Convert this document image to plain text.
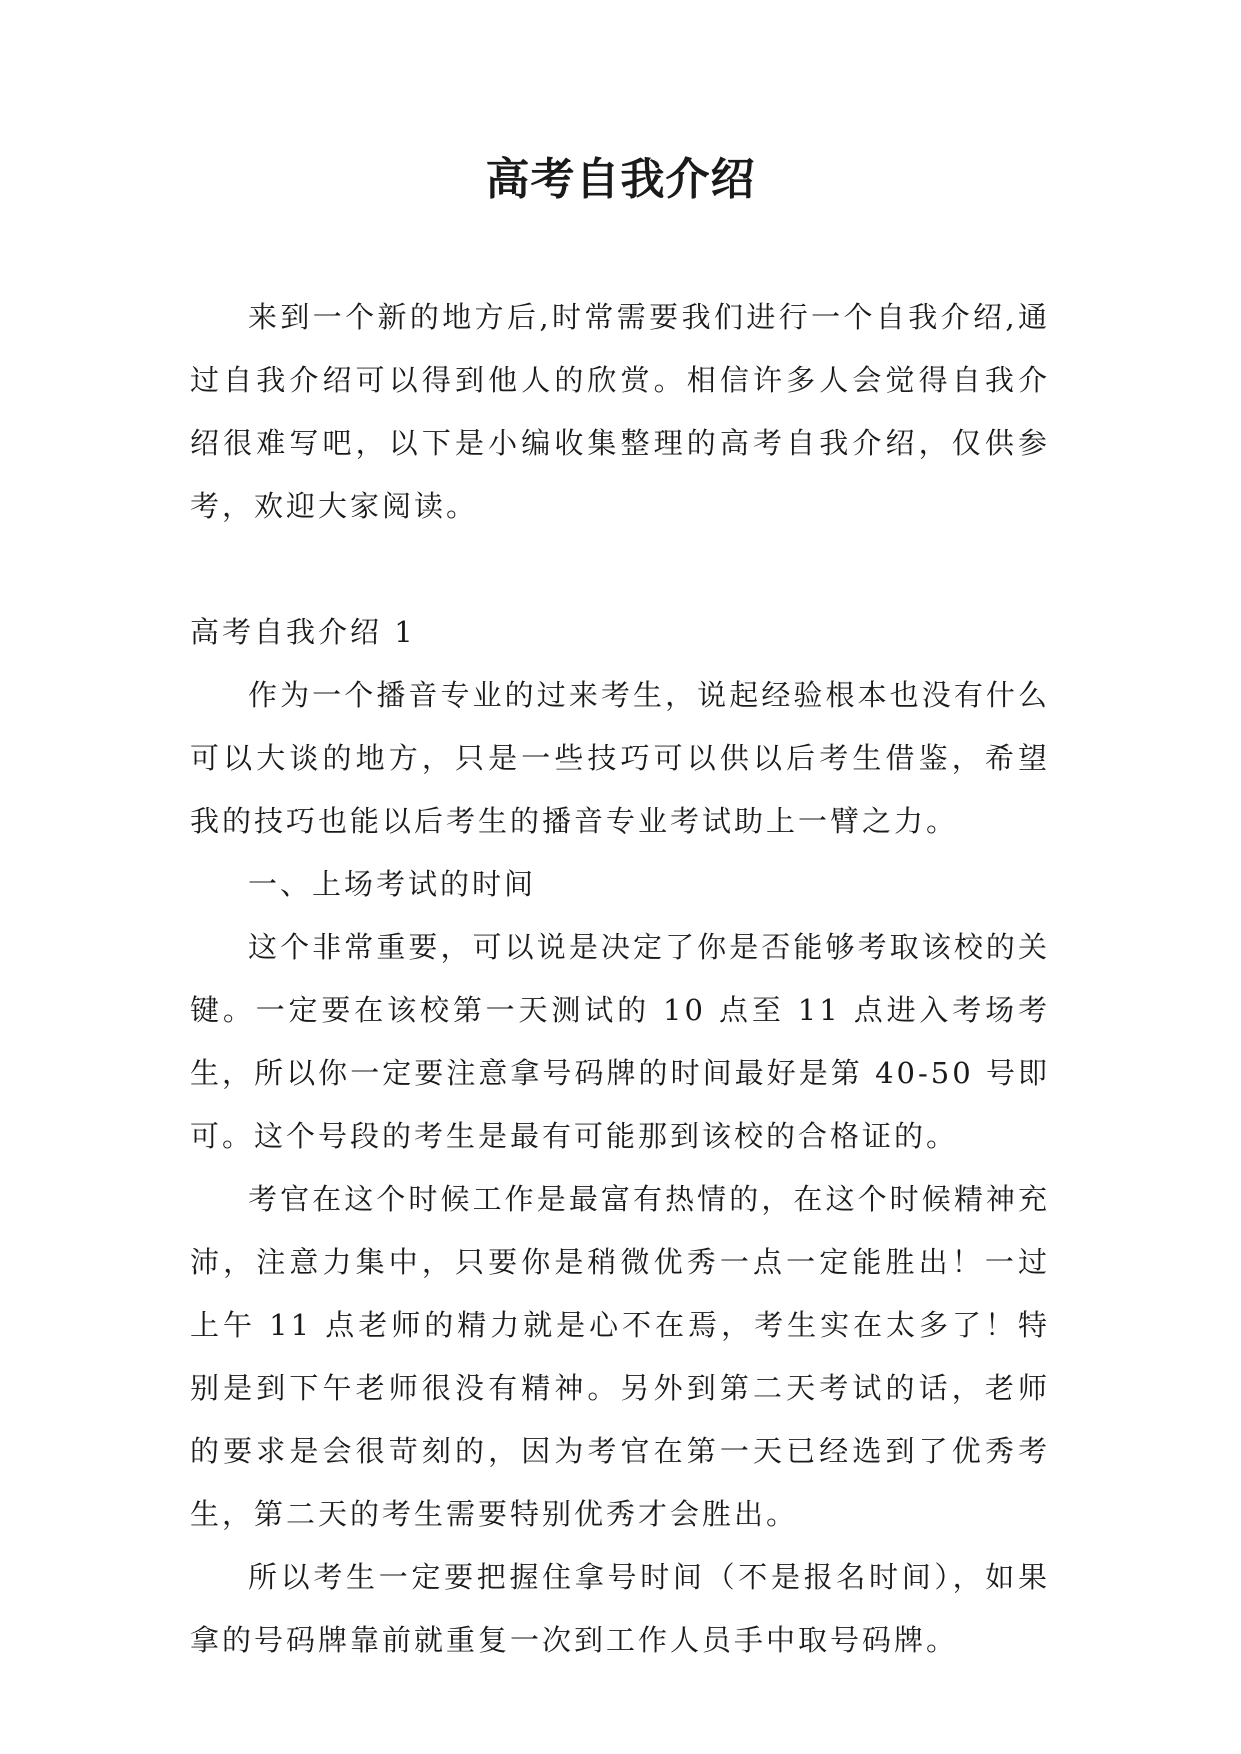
高考自我介绍

来到一个新的地方后,时常需要我们进行一个自我介绍,通过自我介绍可以得到他人的欣赏。相信许多人会觉得自我介绍很难写吧，以下是小编收集整理的高考自我介绍，仅供参考，欢迎大家阅读。

高考自我介绍 1

作为一个播音专业的过来考生，说起经验根本也没有什么可以大谈的地方，只是一些技巧可以供以后考生借鉴，希望我的技巧也能以后考生的播音专业考试助上一臂之力。

一、上场考试的时间

这个非常重要，可以说是决定了你是否能够考取该校的关键。一定要在该校第一天测试的 10 点至 11 点进入考场考生，所以你一定要注意拿号码牌的时间最好是第 40-50 号即可。这个号段的考生是最有可能那到该校的合格证的。

考官在这个时候工作是最富有热情的，在这个时候精神充沛，注意力集中，只要你是稍微优秀一点一定能胜出！一过上午 11 点老师的精力就是心不在焉，考生实在太多了！特别是到下午老师很没有精神。另外到第二天考试的话，老师的要求是会很苛刻的，因为考官在第一天已经选到了优秀考生，第二天的考生需要特别优秀才会胜出。

所以考生一定要把握住拿号时间（不是报名时间），如果拿的号码牌靠前就重复一次到工作人员手中取号码牌。
